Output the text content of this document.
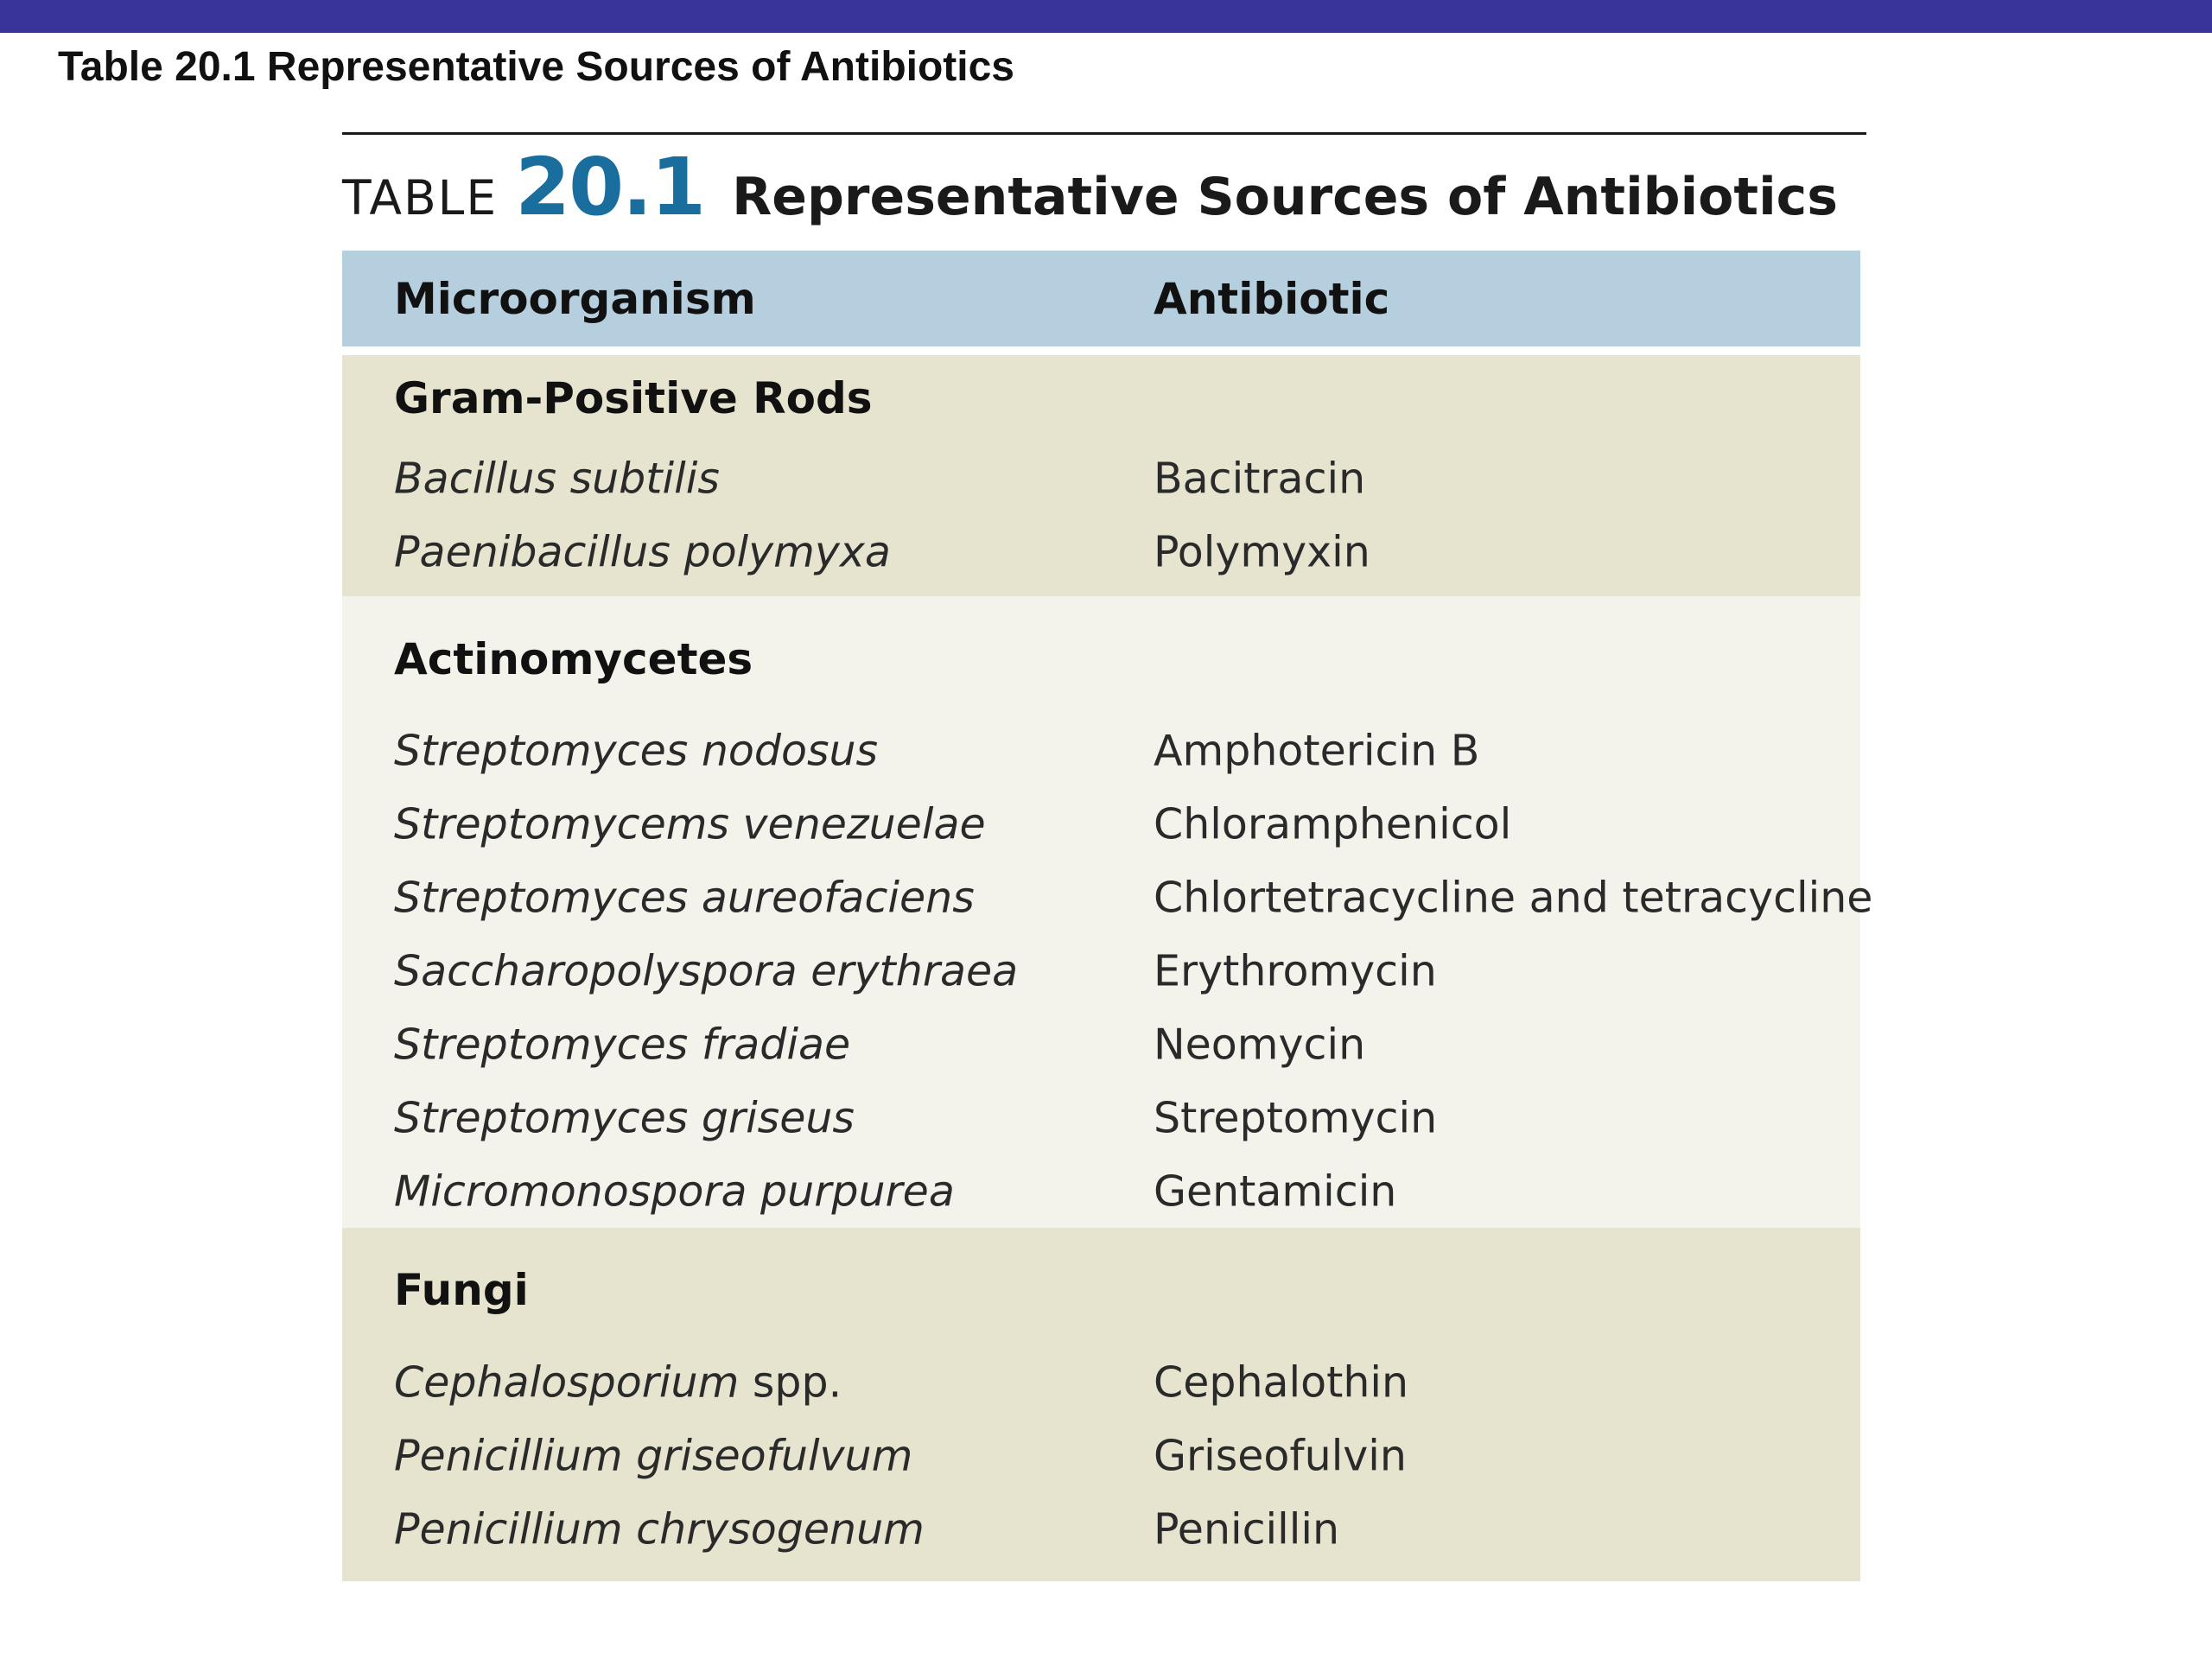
Table 20.1 Representative Sources of Antibiotics
TABLE 20.1 Representative Sources of Antibiotics
Microorganism	Antibiotic
Gram-Positive Rods
Bacillus subtilis	Bacitracin
Paenibacillus polymyxa	Polymyxin
Actinomycetes
Streptomyces nodosus	Amphotericin B
Streptomycems venezuelae	Chloramphenicol
Streptomyces aureofaciens	Chlortetracycline and tetracycline
Saccharopolyspora erythraea	Erythromycin
Streptomyces fradiae	Neomycin
Streptomyces griseus	Streptomycin
Micromonospora purpurea	Gentamicin
Fungi
Cephalosporium spp.	Cephalothin
Penicillium griseofulvum	Griseofulvin
Penicillium chrysogenum	Penicillin
